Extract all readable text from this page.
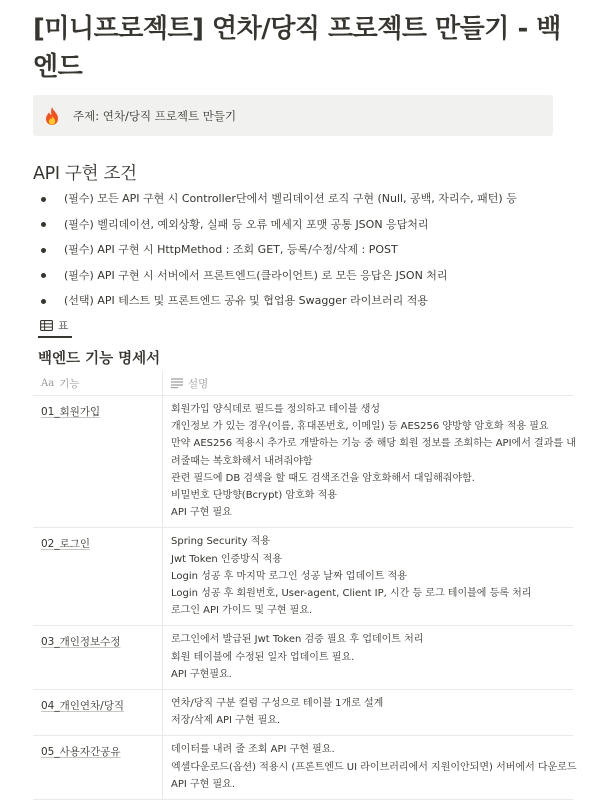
[미니프로젝트] 연차/당직 프로젝트 만들기 - 백엔드
주제: 연차/당직 프로젝트 만들기
API 구현 조건
(필수) 모든 API 구현 시 Controller단에서 벨리데이션 로직 구현 (Null, 공백, 자리수, 패턴) 등
(필수) 벨리데이션, 예외상황, 실패 등 오류 메세지 포맷 공통 JSON 응답처리
(필수) API 구현 시 HttpMethod : 조회 GET, 등록/수정/삭제 : POST
(필수) API 구현 시 서버에서 프론트엔드(클라이언트) 로 모든 응답은 JSON 처리
(선택) API 테스트 및 프론트엔드 공유 및 협업용 Swagger 라이브러리 적용
표
백엔드 기능 명세서
Aa 기능	설명
01_회원가입	회원가입 양식데로 필드를 정의하고 테이블 생성
개인정보 가 있는 경우(이름, 휴대폰번호, 이메일) 등 AES256 양방향 암호화 적용 필요
만약 AES256 적용시 추가로 개발하는 기능 중 해당 회원 정보를 조회하는 API에서 결과를 내
려줄때는 복호화해서 내려줘야함
관련 필드에 DB 검색을 할 때도 검색조건을 암호화해서 대입해줘야함.
비밀번호 단방향(Bcrypt) 암호화 적용
API 구현 필요
02_로그인	Spring Security 적용
Jwt Token 인증방식 적용
Login 성공 후 마지막 로그인 성공 날짜 업데이트 적용
Login 성공 후 회원번호, User-agent, Client IP, 시간 등 로그 테이블에 등록 처리
로그인 API 가이드 및 구현 필요.
03_개인정보수정	로그인에서 발급된 Jwt Token 검증 필요 후 업데이트 처리
회원 테이블에 수정된 일자 업데이트 필요.
API 구현필요.
04_개인연차/당직	연차/당직 구분 컬럼 구성으로 테이블 1개로 설계
저장/삭제 API 구현 필요.
05_사용자간공유	데이터를 내려 줄 조회 API 구현 필요.
엑셀다운로드(옵션) 적용시 (프론트엔드 UI 라이브러리에서 지원이안되면) 서버에서 다운로드
API 구현 필요.
